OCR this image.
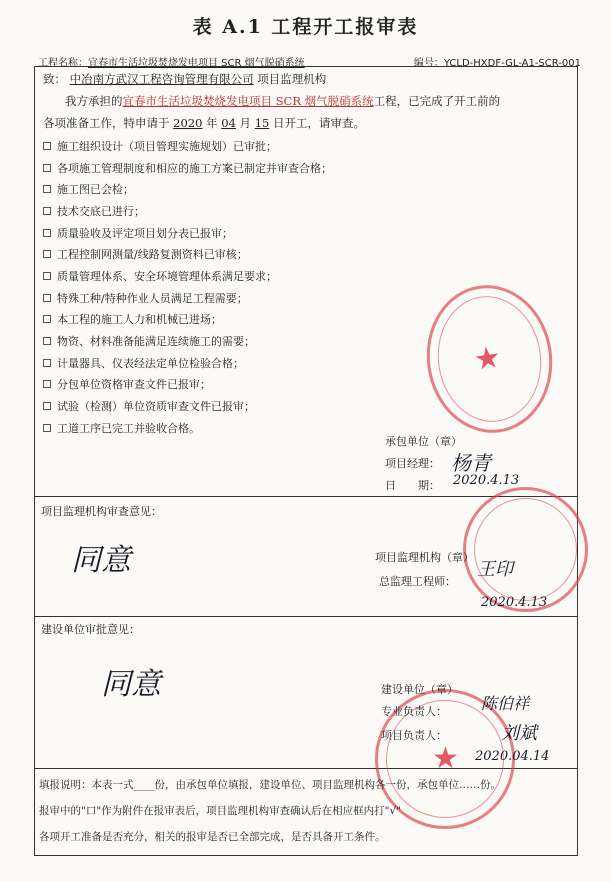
表 A.1 工程开工报审表
工程名称：宜春市生活垃圾焚烧发电项目 SCR 烟气脱硝系统	编号：YCLD-HXDF-GL-A1-SCR-001
致： 中冶南方武汉工程咨询管理有限公司 项目监理机构
我方承担的宜春市生活垃圾焚烧发电项目 SCR 烟气脱硝系统工程，已完成了开工前的
各项准备工作，特申请于 2020 年 04 月 15 日开工，请审查。
施工组织设计（项目管理实施规划）已审批；
各项施工管理制度和相应的施工方案已制定并审查合格；
施工图已会检；
技术交底已进行；
质量验收及评定项目划分表已报审；
工程控制网测量/线路复测资料已审核；
质量管理体系、安全环境管理体系满足要求；
特殊工种/特种作业人员满足工程需要；
本工程的施工人力和机械已进场；
物资、材料准备能满足连续施工的需要；
计量器具、仪表经法定单位检验合格；
分包单位资格审查文件已报审；
试验（检测）单位资质审查文件已报审；
工道工序已完工并验收合格。
★
承包单位（章）
项目经理： 杨青
日　　期： 2020.4.13
项目监理机构审查意见：
同意	项目监理机构（章）
总监理工程师：
王印
2020.4.13
建设单位审批意见：
同意
★
建设单位（章）
专业负责人： 陈伯祥
项目负责人：	刘斌
2020.04.14
填报说明：本表一式____份，由承包单位填报，建设单位、项目监理机构各一份，承包单位……份。
报审中的"口"作为附件在报审表后，项目监理机构审查确认后在相应框内打"√"
各项开工准备是否充分，相关的报审是否已全部完成，是否具备开工条件。
